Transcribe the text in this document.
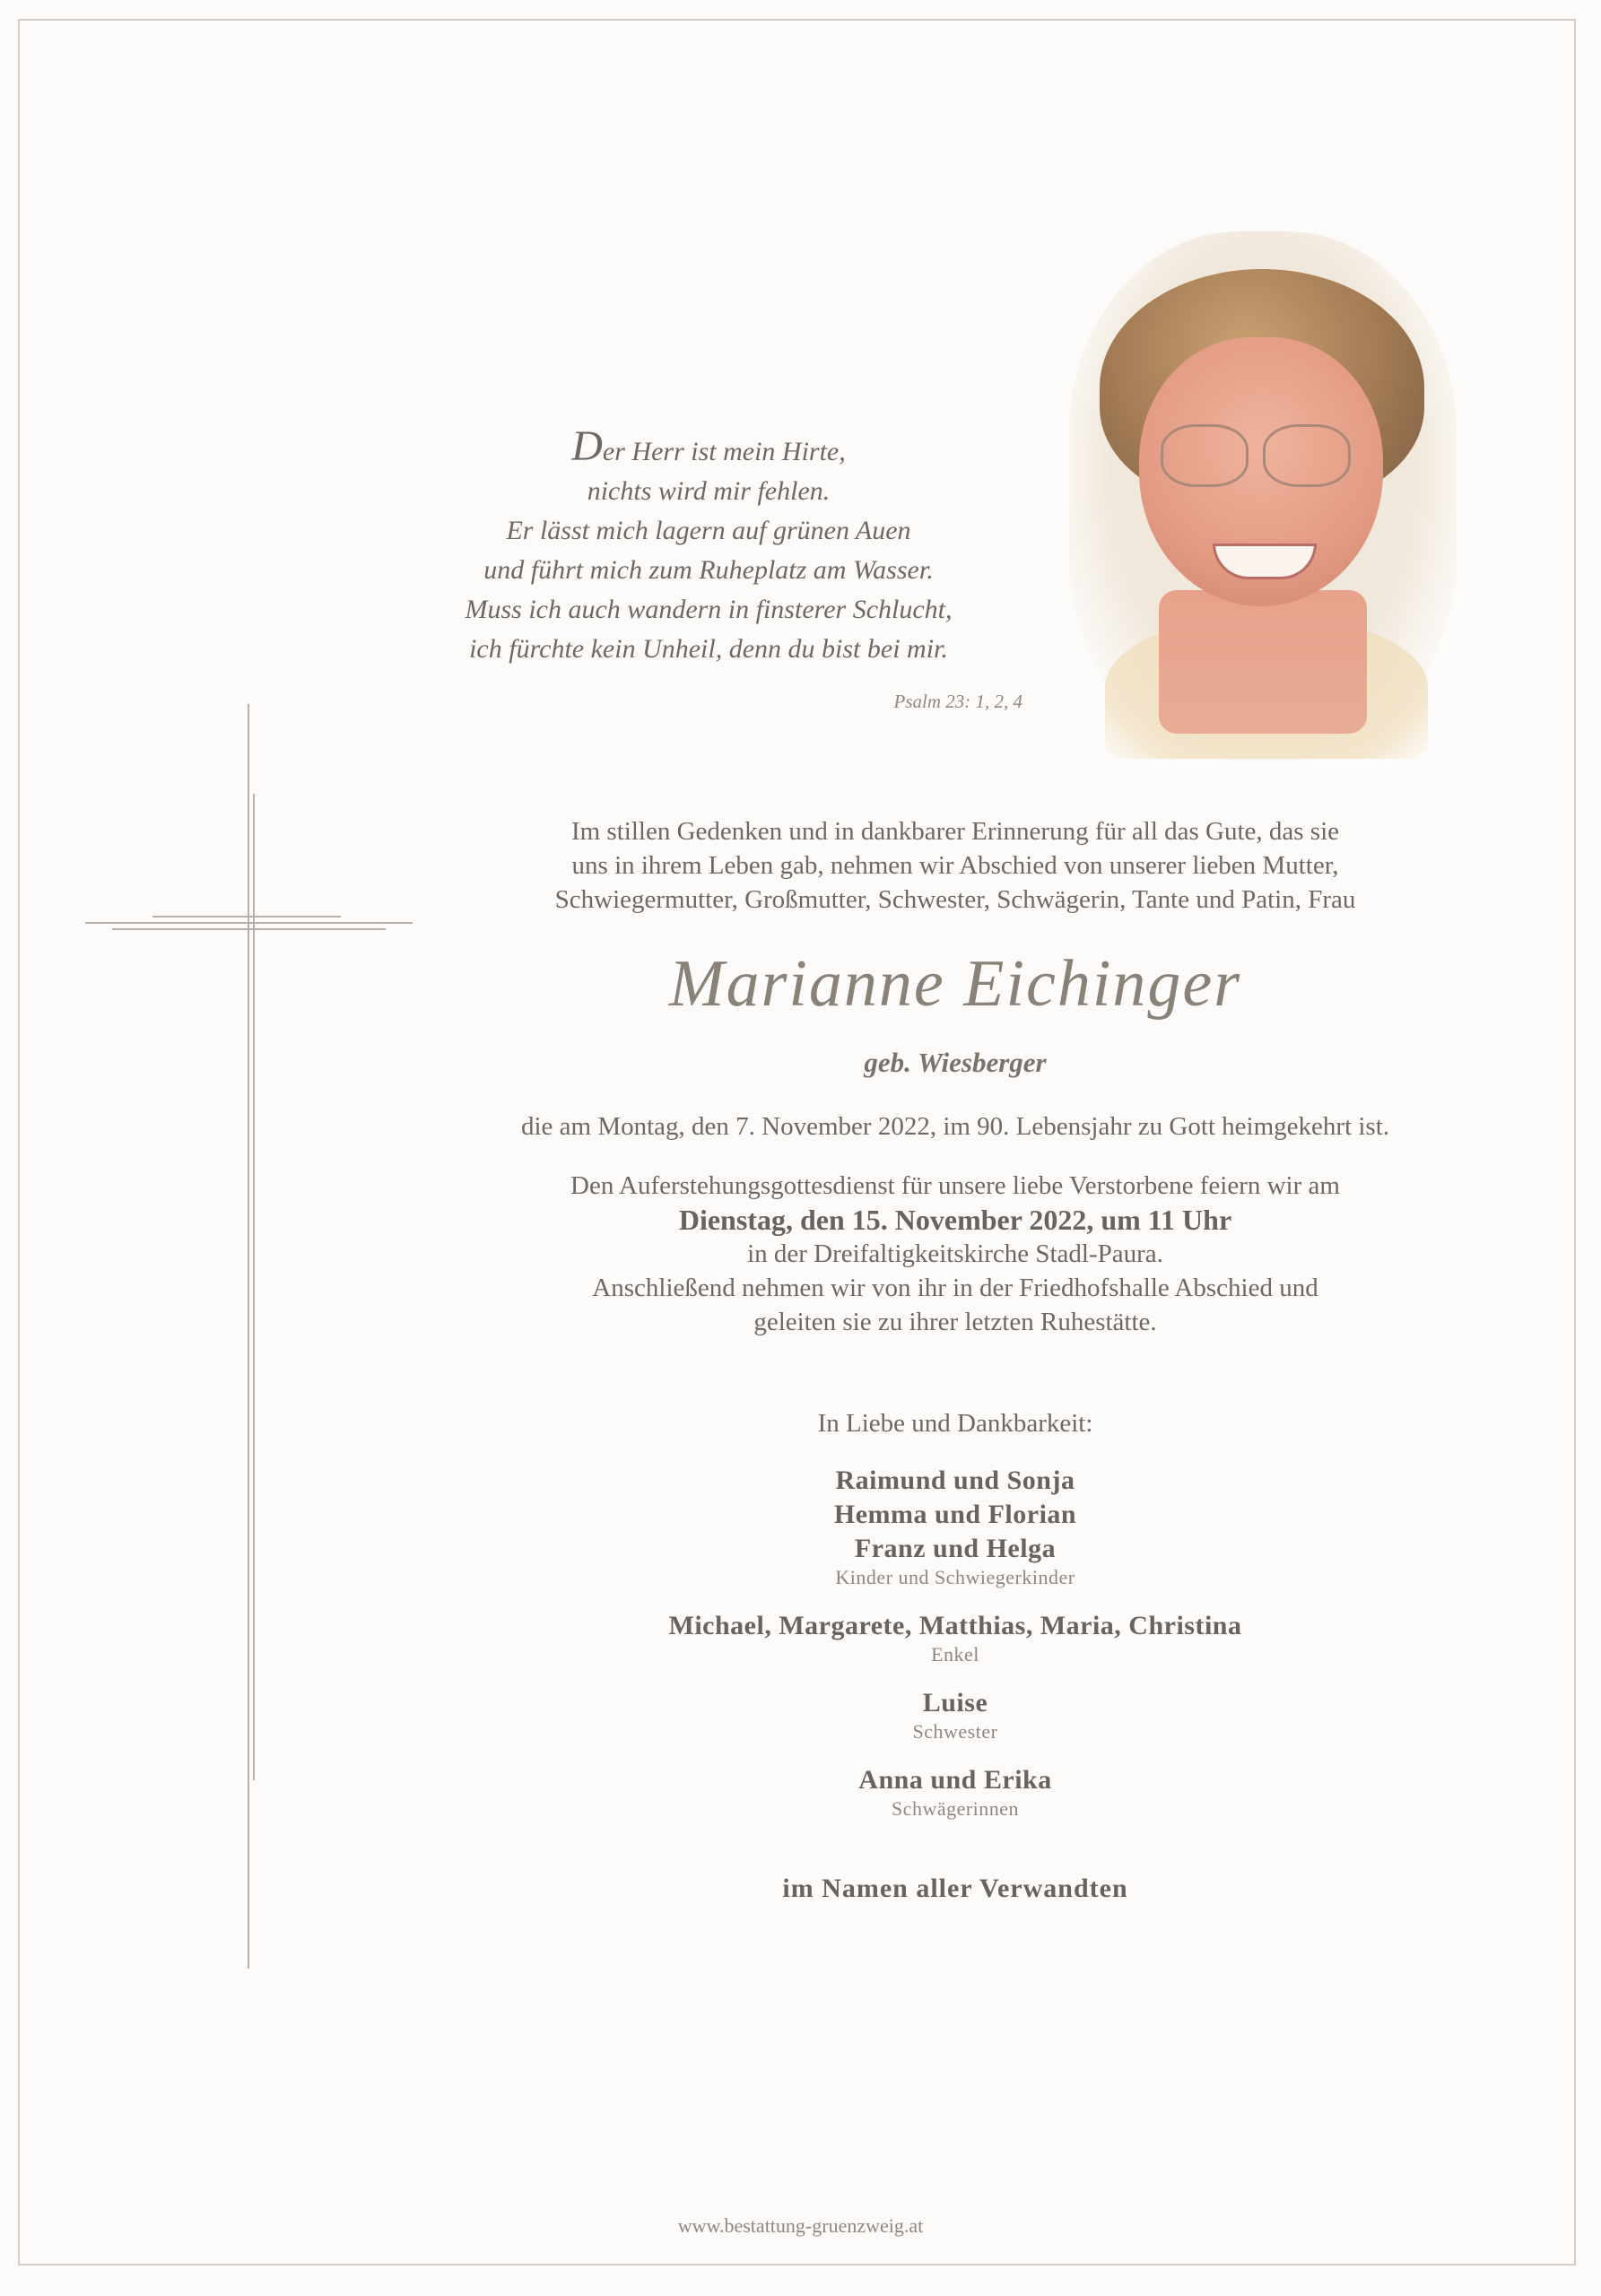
Der Herr ist mein Hirte,
nichts wird mir fehlen.
Er lässt mich lagern auf grünen Auen
und führt mich zum Ruheplatz am Wasser.
Muss ich auch wandern in finsterer Schlucht,
ich fürchte kein Unheil, denn du bist bei mir.
Psalm 23: 1, 2, 4
Im stillen Gedenken und in dankbarer Erinnerung für all das Gute, das sie
uns in ihrem Leben gab, nehmen wir Abschied von unserer lieben Mutter,
Schwiegermutter, Großmutter, Schwester, Schwägerin, Tante und Patin, Frau
Marianne Eichinger
geb. Wiesberger
die am Montag, den 7. November 2022, im 90. Lebensjahr zu Gott heimgekehrt ist.
Den Auferstehungsgottesdienst für unsere liebe Verstorbene feiern wir am
Dienstag, den 15. November 2022, um 11 Uhr
in der Dreifaltigkeitskirche Stadl-Paura.
Anschließend nehmen wir von ihr in der Friedhofshalle Abschied und
geleiten sie zu ihrer letzten Ruhestätte.
In Liebe und Dankbarkeit:
Raimund und Sonja
Hemma und Florian
Franz und Helga
Kinder und Schwiegerkinder
Michael, Margarete, Matthias, Maria, Christina
Enkel
Luise
Schwester
Anna und Erika
Schwägerinnen
im Namen aller Verwandten
www.bestattung-gruenzweig.at
